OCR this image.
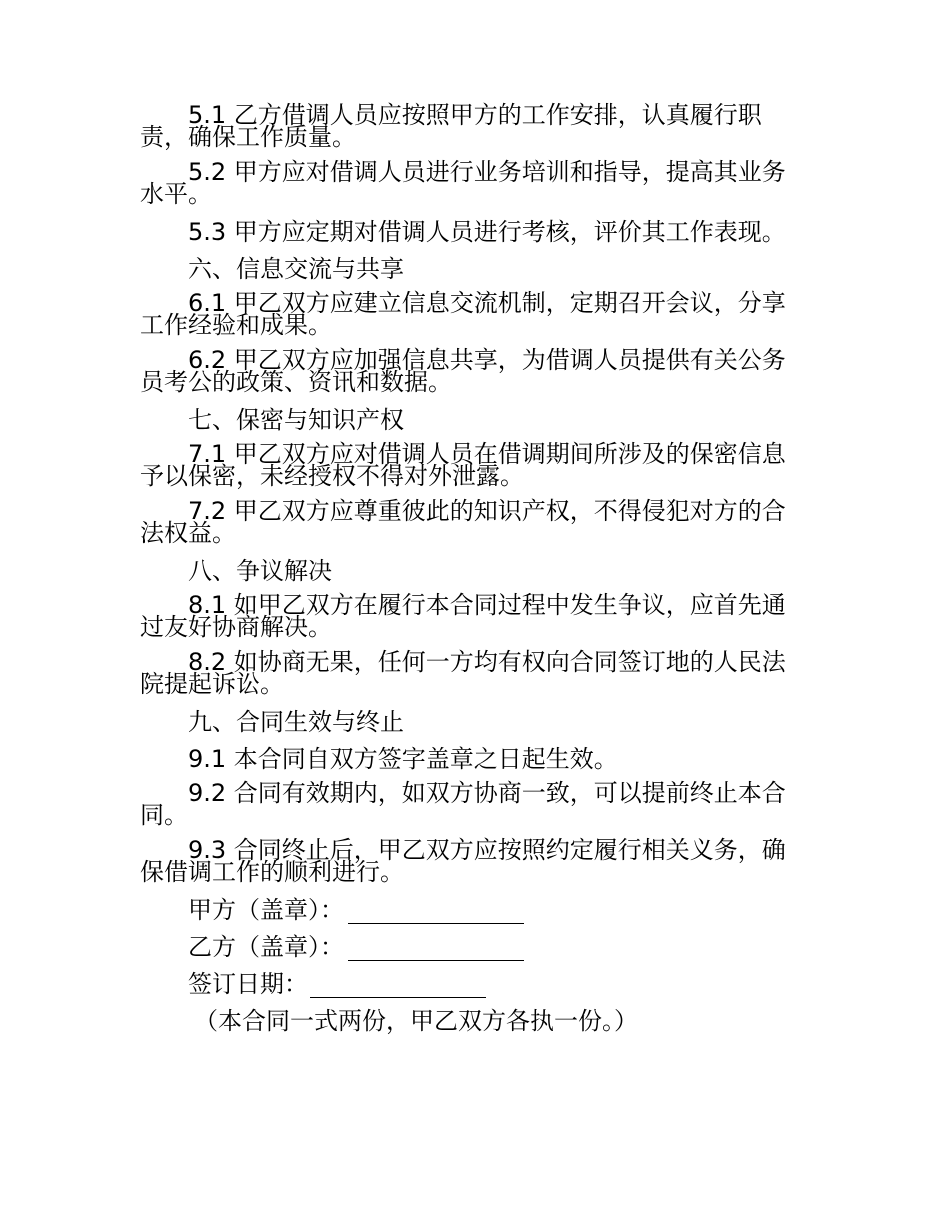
5.1 乙方借调人员应按照甲方的工作安排，认真履行职责，确保工作质量。

5.2 甲方应对借调人员进行业务培训和指导，提高其业务水平。

5.3 甲方应定期对借调人员进行考核，评价其工作表现。

六、信息交流与共享

6.1 甲乙双方应建立信息交流机制，定期召开会议，分享工作经验和成果。

6.2 甲乙双方应加强信息共享，为借调人员提供有关公务员考公的政策、资讯和数据。

七、保密与知识产权

7.1 甲乙双方应对借调人员在借调期间所涉及的保密信息予以保密，未经授权不得对外泄露。

7.2 甲乙双方应尊重彼此的知识产权，不得侵犯对方的合法权益。

八、争议解决

8.1 如甲乙双方在履行本合同过程中发生争议，应首先通过友好协商解决。

8.2 如协商无果，任何一方均有权向合同签订地的人民法院提起诉讼。

九、合同生效与终止

9.1 本合同自双方签字盖章之日起生效。

9.2 合同有效期内，如双方协商一致，可以提前终止本合同。

9.3 合同终止后，甲乙双方应按照约定履行相关义务，确保借调工作的顺利进行。

甲方（盖章）：
乙方（盖章）：
签订日期：

（本合同一式两份，甲乙双方各执一份。）
